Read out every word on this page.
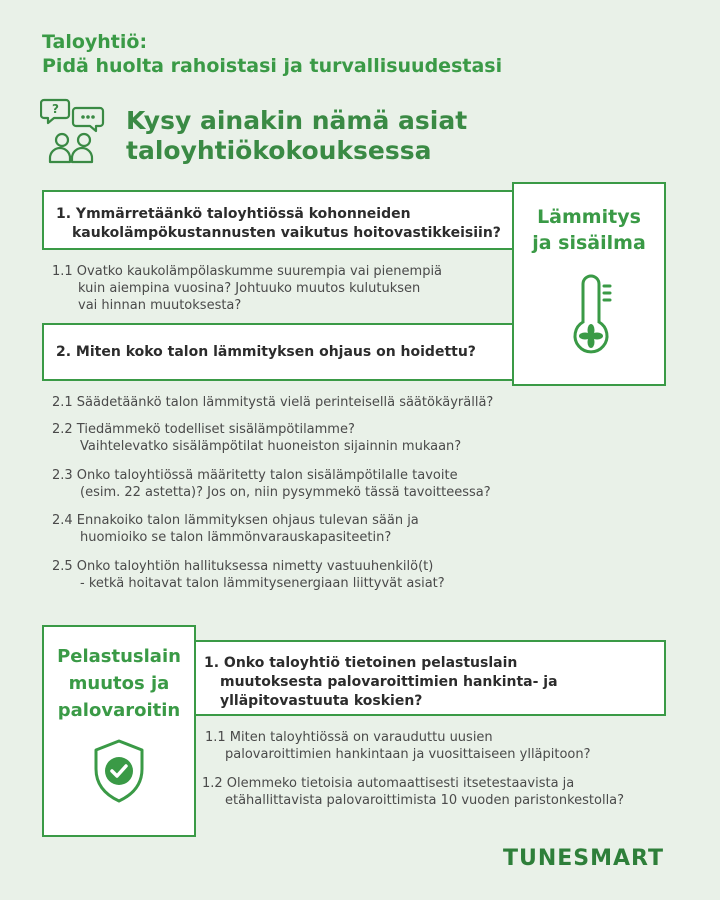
Taloyhtiö:
Pidä huolta rahoistasi ja turvallisuudestasi
?	Kysy ainakin nämä asiat
taloyhtiökokouksessa
Lämmitys
ja sisäilma
1. Ymmärretäänkö taloyhtiössä kohonneiden
kaukolämpökustannusten vaikutus hoitovastikkeisiin?
1.1 Ovatko kaukolämpölaskumme suurempia vai pienempiä
kuin aiempina vuosina? Johtuuko muutos kulutuksen
vai hinnan muutoksesta?
2. Miten koko talon lämmityksen ohjaus on hoidettu?
2.1 Säädetäänkö talon lämmitystä vielä perinteisellä säätökäyrällä?
2.2 Tiedämmekö todelliset sisälämpötilamme?
Vaihtelevatko sisälämpötilat huoneiston sijainnin mukaan?
2.3 Onko taloyhtiössä määritetty talon sisälämpötilalle tavoite
(esim. 22 astetta)? Jos on, niin pysymmekö tässä tavoitteessa?
2.4 Ennakoiko talon lämmityksen ohjaus tulevan sään ja
huomioiko se talon lämmönvarauskapasiteetin?
2.5 Onko taloyhtiön hallituksessa nimetty vastuuhenkilö(t)
- ketkä hoitavat talon lämmitysenergiaan liittyvät asiat?
Pelastuslain
muutos ja
palovaroitin
1. Onko taloyhtiö tietoinen pelastuslain
muutoksesta palovaroittimien hankinta- ja
ylläpitovastuuta koskien?
1.1 Miten taloyhtiössä on varauduttu uusien
palovaroittimien hankintaan ja vuosittaiseen ylläpitoon?
1.2 Olemmeko tietoisia automaattisesti itsetestaavista ja
etähallittavista palovaroittimista 10 vuoden paristonkestolla?
TUNESMART
